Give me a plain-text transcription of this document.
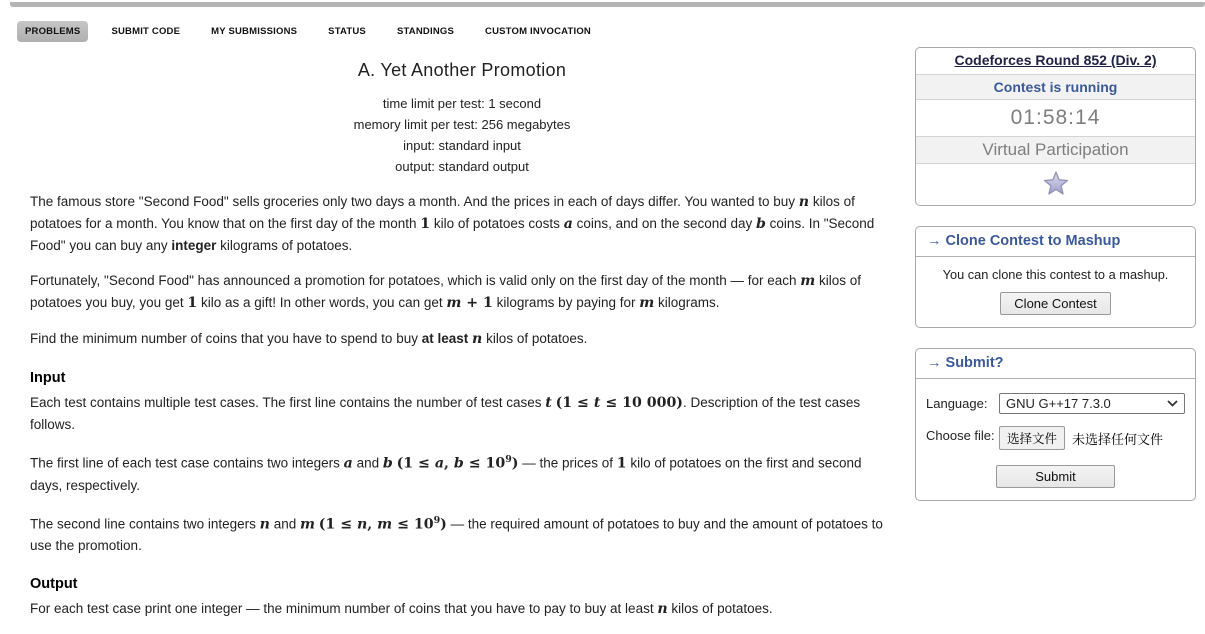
PROBLEMS	SUBMIT CODE	MY SUBMISSIONS	STATUS	STANDINGS	CUSTOM INVOCATION
A. Yet Another Promotion
time limit per test: 1 second
memory limit per test: 256 megabytes
input: standard input
output: standard output

The famous store "Second Food" sells groceries only two days a month. And the prices in each of days differ. You wanted to buy n kilos of potatoes for a month. You know that on the first day of the month 1 kilo of potatoes costs a coins, and on the second day b coins. In "Second Food" you can buy any integer kilograms of potatoes.

Fortunately, "Second Food" has announced a promotion for potatoes, which is valid only on the first day of the month — for each m kilos of potatoes you buy, you get 1 kilo as a gift! In other words, you can get m + 1 kilograms by paying for m kilograms.

Find the minimum number of coins that you have to spend to buy at least n kilos of potatoes.

Input

Each test contains multiple test cases. The first line contains the number of test cases t (1 ≤ t ≤ 10 000). Description of the test cases follows.

The first line of each test case contains two integers a and b (1 ≤ a, $b \le 10^9$) — the prices of 1 kilo of potatoes on the first and second days, respectively.

The second line contains two integers n and m (1 ≤ n, $m \le 10^9$) — the required amount of potatoes to buy and the amount of potatoes to use the promotion.

Output

For each test case print one integer — the minimum number of coins that you have to pay to buy at least n kilos of potatoes.

Codeforces Round 852 (Div. 2)
Contest is running
01:58:14
Virtual Participation
→ Clone Contest to Mashup
You can clone this contest to a mashup.
Clone Contest
→ Submit?
Language:	GNU G++17 7.3.0
Choose file: 选择文件	未选择任何文件
Submit
